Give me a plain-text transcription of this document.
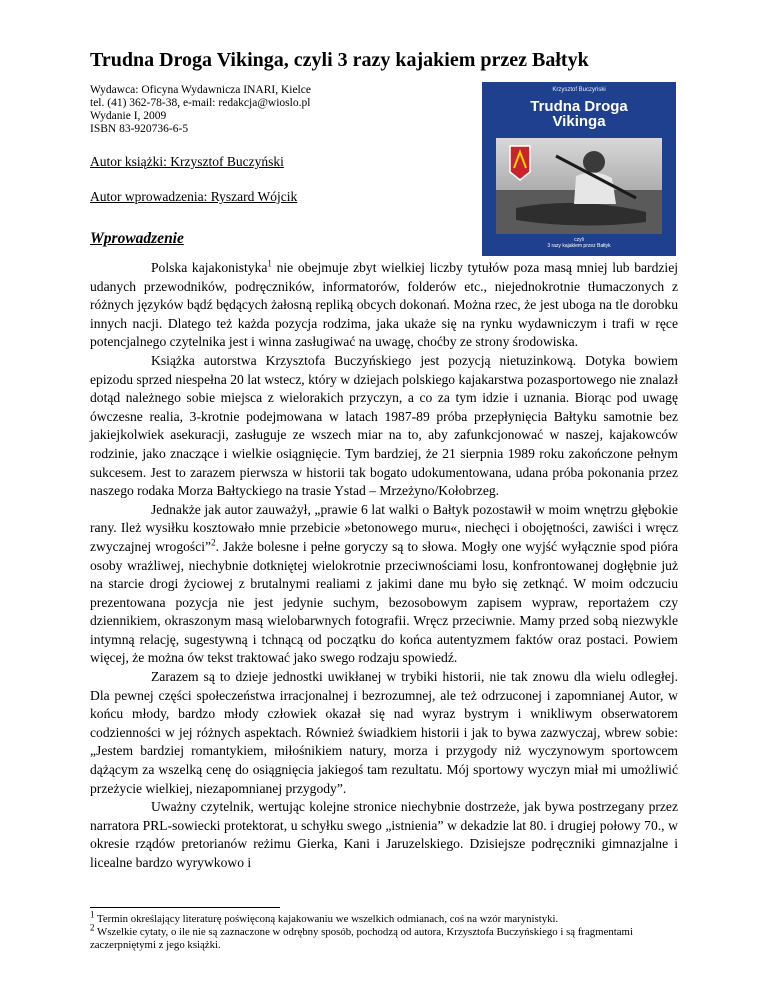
Trudna Droga Vikinga, czyli 3 razy kajakiem przez Bałtyk
Wydawca: Oficyna Wydawnicza INARI, Kielce
tel. (41) 362-78-38, e-mail: redakcja@wioslo.pl
Wydanie I, 2009
ISBN 83-920736-6-5
Autor książki: Krzysztof Buczyński
Autor wprowadzenia: Ryszard Wójcik
Krzysztof Buczyński
Trudna Droga
Vikinga
czyli
3 razy kajakiem przez Bałtyk
Wprowadzenie

Polska kajakonistyka$^1$ nie obejmuje zbyt wielkiej liczby tytułów poza masą mniej lub bardziej udanych przewodników, podręczników, informatorów, folderów etc., niejednokrotnie tłumaczonych z różnych języków bądź będących żałosną repliką obcych dokonań. Można rzec, że jest uboga na tle dorobku innych nacji. Dlatego też każda pozycja rodzima, jaka ukaże się na rynku wydawniczym i trafi w ręce potencjalnego czytelnika jest i winna zasługiwać na uwagę, choćby ze strony środowiska.

Książka autorstwa Krzysztofa Buczyńskiego jest pozycją nietuzinkową. Dotyka bowiem epizodu sprzed niespełna 20 lat wstecz, który w dziejach polskiego kajakarstwa pozasportowego nie znalazł dotąd należnego sobie miejsca z wielorakich przyczyn, a co za tym idzie i uznania. Biorąc pod uwagę ówczesne realia, 3-krotnie podejmowana w latach 1987-89 próba przepłynięcia Bałtyku samotnie bez jakiejkolwiek asekuracji, zasługuje ze wszech miar na to, aby zafunkcjonować w naszej, kajakowców rodzinie, jako znaczące i wielkie osiągnięcie. Tym bardziej, że 21 sierpnia 1989 roku zakończone pełnym sukcesem. Jest to zarazem pierwsza w historii tak bogato udokumentowana, udana próba pokonania przez naszego rodaka Morza Bałtyckiego na trasie Ystad – Mrzeżyno/Kołobrzeg.

Jednakże jak autor zauważył, „prawie 6 lat walki o Bałtyk pozostawił w moim wnętrzu głębokie rany. Ileż wysiłku kosztowało mnie przebicie »betonowego muru«, niechęci i obojętności, zawiści i wręcz zwyczajnej wrogości”$^2$. Jakże bolesne i pełne goryczy są to słowa. Mogły one wyjść wyłącznie spod pióra osoby wrażliwej, niechybnie dotkniętej wielokrotnie przeciwnościami losu, konfrontowanej dogłębnie już na starcie drogi życiowej z brutalnymi realiami z jakimi dane mu było się zetknąć. W moim odczuciu prezentowana pozycja nie jest jedynie suchym, bezosobowym zapisem wypraw, reportażem czy dziennikiem, okraszonym masą wielobarwnych fotografii. Wręcz przeciwnie. Mamy przed sobą niezwykle intymną relację, sugestywną i tchnącą od początku do końca autentyzmem faktów oraz postaci. Powiem więcej, że można ów tekst traktować jako swego rodzaju spowiedź.

Zarazem są to dzieje jednostki uwikłanej w trybiki historii, nie tak znowu dla wielu odległej. Dla pewnej części społeczeństwa irracjonalnej i bezrozumnej, ale też odrzuconej i zapomnianej Autor, w końcu młody, bardzo młody człowiek okazał się nad wyraz bystrym i wnikliwym obserwatorem codzienności w jej różnych aspektach. Również świadkiem historii i jak to bywa zazwyczaj, wbrew sobie: „Jestem bardziej romantykiem, miłośnikiem natury, morza i przygody niż wyczynowym sportowcem dążącym za wszelką cenę do osiągnięcia jakiegoś tam rezultatu. Mój sportowy wyczyn miał mi umożliwić przeżycie wielkiej, niezapomnianej przygody”.

Uważny czytelnik, wertując kolejne stronice niechybnie dostrzeże, jak bywa postrzegany przez narratora PRL-sowiecki protektorat, u schyłku swego „istnienia” w dekadzie lat 80. i drugiej połowy 70., w okresie rządów pretorianów reżimu Gierka, Kani i Jaruzelskiego. Dzisiejsze podręczniki gimnazjalne i licealne bardzo wyrywkowo i

$^1$ Termin określający literaturę poświęconą kajakowaniu we wszelkich odmianach, coś na wzór marynistyki.
$^2$ Wszelkie cytaty, o ile nie są zaznaczone w odrębny sposób, pochodzą od autora, Krzysztofa Buczyńskiego i są fragmentami zaczerpniętymi z jego książki.
